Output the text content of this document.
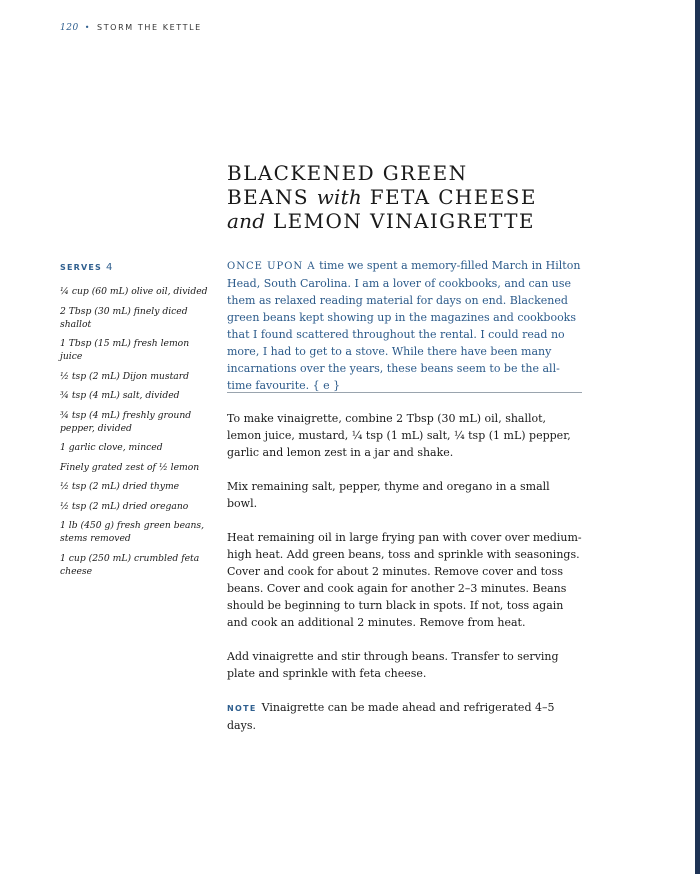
120 • STORM THE KETTLE
BLACKENED GREEN
BEANS with FETA CHEESE
and LEMON VINAIGRETTE
SERVES 4
¼ cup (60 mL) olive oil, divided
2 Tbsp (30 mL) finely diced shallot
1 Tbsp (15 mL) fresh lemon juice
½ tsp (2 mL) Dijon mustard
¾ tsp (4 mL) salt, divided
¾ tsp (4 mL) freshly ground pepper, divided
1 garlic clove, minced
Finely grated zest of ½ lemon
½ tsp (2 mL) dried thyme
½ tsp (2 mL) dried oregano
1 lb (450 g) fresh green beans, stems removed
1 cup (250 mL) crumbled feta cheese

ONCE UPON A time we spent a memory-filled March in Hilton Head, South Carolina. I am a lover of cookbooks, and can use them as relaxed reading material for days on end. Blackened green beans kept showing up in the magazines and cookbooks that I found scattered throughout the rental. I could read no more, I had to get to a stove. While there have been many incarnations over the years, these beans seem to be the all-time favourite. { e }

To make vinaigrette, combine 2 Tbsp (30 mL) oil, shallot, lemon juice, mustard, ¼ tsp (1 mL) salt, ¼ tsp (1 mL) pepper, garlic and lemon zest in a jar and shake.

Mix remaining salt, pepper, thyme and oregano in a small bowl.

Heat remaining oil in large frying pan with cover over medium-high heat. Add green beans, toss and sprinkle with seasonings. Cover and cook for about 2 minutes. Remove cover and toss beans. Cover and cook again for another 2–3 minutes. Beans should be beginning to turn black in spots. If not, toss again and cook an additional 2 minutes. Remove from heat.

Add vinaigrette and stir through beans. Transfer to serving plate and sprinkle with feta cheese.

NOTE Vinaigrette can be made ahead and refrigerated 4–5 days.
